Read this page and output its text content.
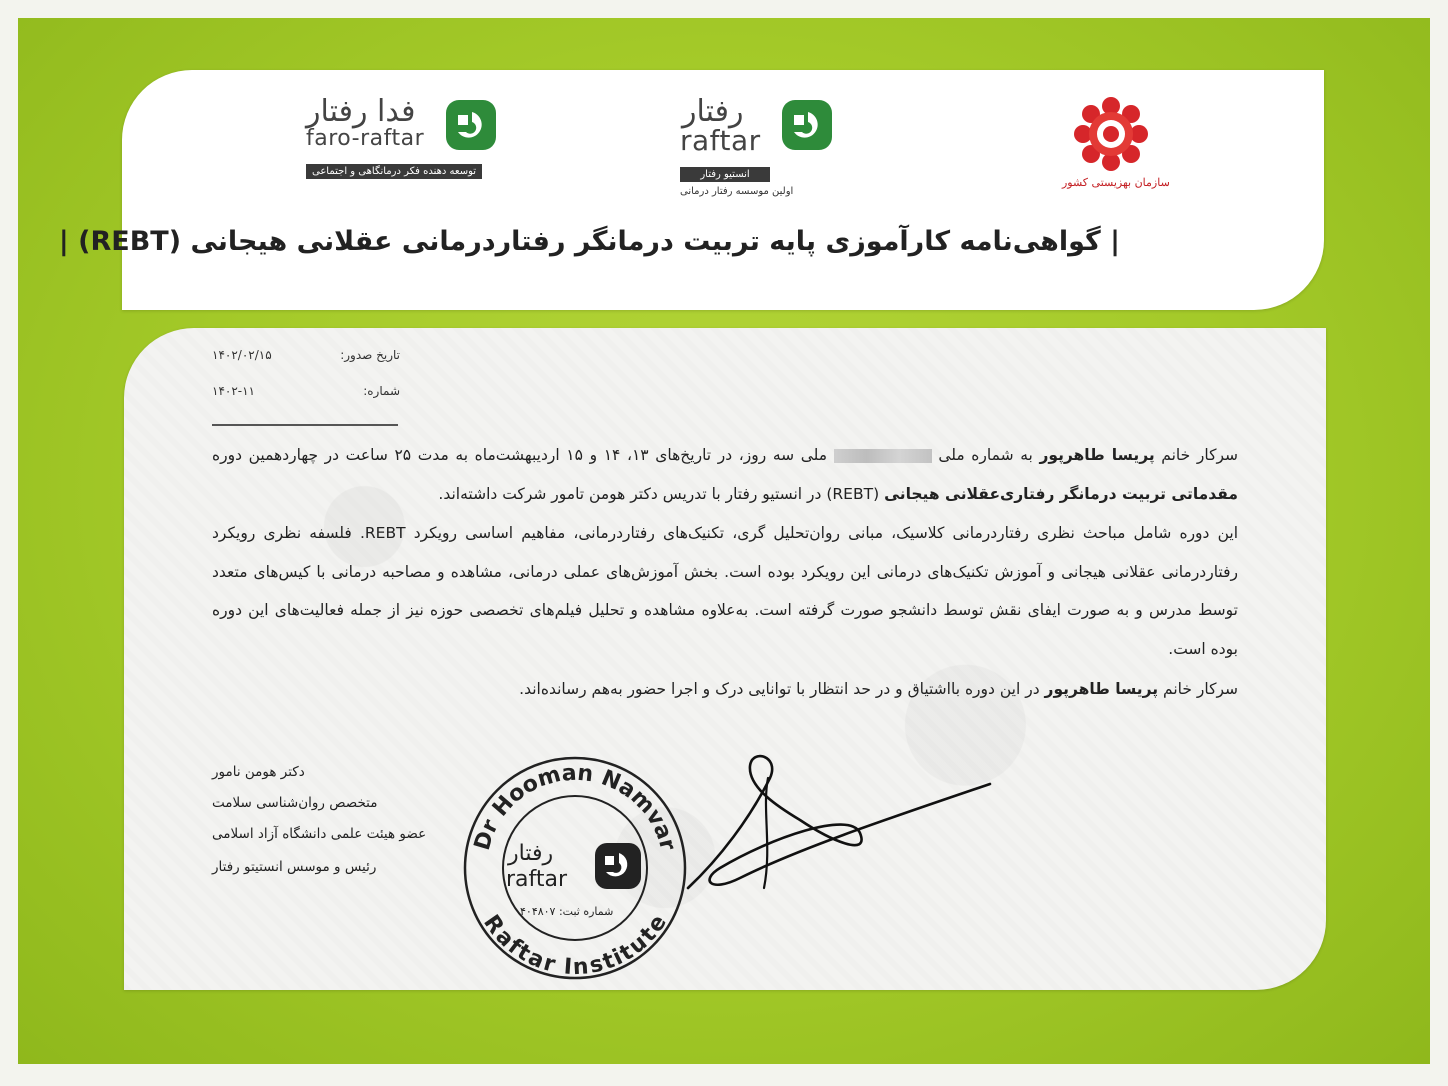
فدا رفتار
faro-raftar
توسعه‌ دهنده فکر درمانگاهی و اجتماعی
رفتار
raftar
انستیو رفتار
اولین موسسه رفتار درمانی
سازمان بهزیستی کشور
| گواهی‌نامه کارآموزی پایه تربیت درمانگر رفتاردرمانی عقلانی هیجانی (REBT) |
تاریخ صدور:
۱۴۰۲/۰۲/۱۵
شماره:
۱۴۰۲-۱۱
سرکار خانم پریسا طاهرپور به شماره ملی  ملی سه روز، در تاریخ‌های ۱۳، ۱۴ و ۱۵ اردیبهشت‌ماه به مدت ۲۵ ساعت در چهاردهمین دوره مقدماتی تربیت درمانگر رفتاری‌عقلانی هیجانی (REBT) در انستیو رفتار با تدریس دکتر هومن تامور شرکت داشته‌اند.
این دوره شامل مباحث نظری رفتاردرمانی کلاسیک، مبانی روان‌تحلیل گری، تکنیک‌های رفتاردرمانی، مفاهیم اساسی رویکرد REBT. فلسفه نظری رویکرد رفتاردرمانی عقلانی هیجانی و آموزش تکنیک‌های درمانی این رویکرد بوده است. بخش آموزش‌های عملی درمانی، مشاهده و مصاحبه درمانی با کیس‌های متعدد توسط مدرس و به صورت ایفای نقش توسط دانشجو صورت گرفته است. به‌علاوه مشاهده و تحلیل فیلم‌های تخصصی حوزه نیز از جمله فعالیت‌های این دوره بوده است.
سرکار خانم پریسا طاهرپور در این دوره بااشتیاق و در حد انتظار با توانایی درک و اجرا حضور به‌هم رسانده‌اند.
دکتر هومن نامور
متخصص روان‌شناسی سلامت
عضو هیئت علمی دانشگاه آزاد اسلامی
رئیس و موسس انستیتو رفتار
Dr Hooman Namvar
Raftar Institute
رفتار
raftar
شماره ثبت: ۴۰۴۸۰۷
